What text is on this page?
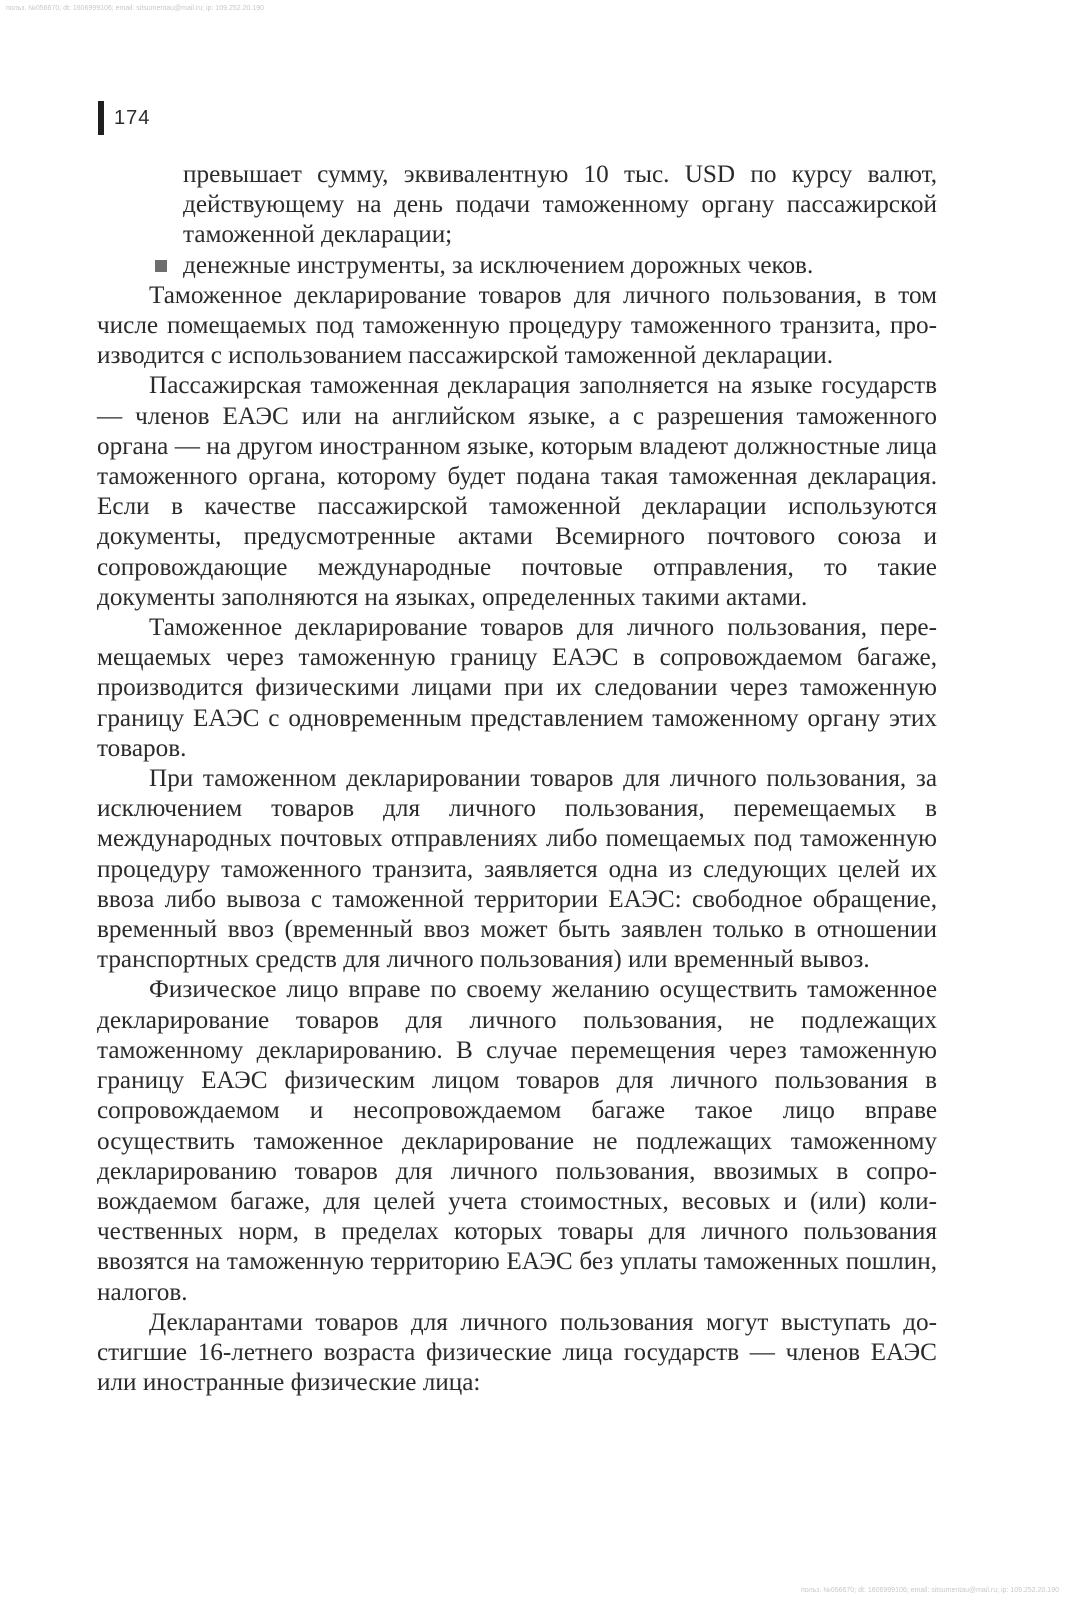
польз. №056670; dt: 1606999106; email: sitsumentau@mail.ru; ip: 109.252.20.190
174

превышает сумму, эквивалентную 10 тыс. USD по курсу валют, действующему на день подачи таможенному органу пассажирской таможенной декларации;

денежные инструменты, за исключением дорожных чеков.

Таможенное декларирование товаров для личного пользования, в том числе помещаемых под таможенную процедуру таможенного транзита, производится с использованием пассажирской таможенной декларации.

Пассажирская таможенная декларация заполняется на языке государств — членов ЕАЭС или на английском языке, а с разрешения таможенного органа — на другом иностранном языке, которым владеют должностные лица таможенного органа, которому будет подана такая таможенная декларация. Если в качестве пассажирской таможенной декларации используются документы, предусмотренные актами Всемирного почтового союза и сопровождающие международные почтовые отправления, то такие документы заполняются на языках, определенных такими актами.

Таможенное декларирование товаров для личного пользования, перемещаемых через таможенную границу ЕАЭС в сопровождаемом багаже, производится физическими лицами при их следовании через таможенную границу ЕАЭС с одновременным представлением таможенному органу этих товаров.

При таможенном декларировании товаров для личного пользования, за исключением товаров для личного пользования, перемещаемых в международных почтовых отправлениях либо помещаемых под таможенную процедуру таможенного транзита, заявляется одна из следующих целей их ввоза либо вывоза с таможенной территории ЕАЭС: свободное обращение, временный ввоз (временный ввоз может быть заявлен только в отношении транспортных средств для личного пользования) или временный вывоз.

Физическое лицо вправе по своему желанию осуществить таможенное декларирование товаров для личного пользования, не подлежащих таможенному декларированию. В случае перемещения через таможенную границу ЕАЭС физическим лицом товаров для личного пользования в сопровождаемом и несопровождаемом багаже такое лицо вправе осуществить таможенное декларирование не подлежащих таможенному декларированию товаров для личного пользования, ввозимых в сопровождаемом багаже, для целей учета стоимостных, весовых и (или) количественных норм, в пределах которых товары для личного пользования ввозятся на таможенную территорию ЕАЭС без уплаты таможенных пошлин, налогов.

Декларантами товаров для личного пользования могут выступать достигшие 16-летнего возраста физические лица государств — членов ЕАЭС или иностранные физические лица:

польз. №056670; dt: 1606999106; email: sitsumentau@mail.ru; ip: 109.252.20.190
